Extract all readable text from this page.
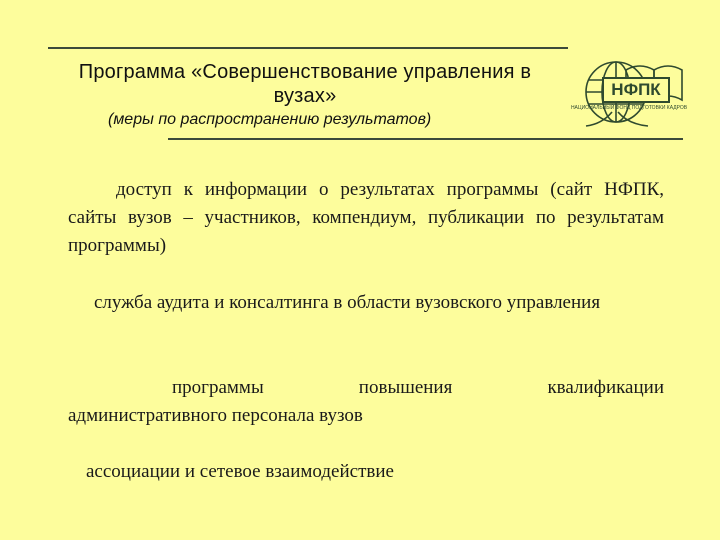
Программа «Совершенствование управления в вузах»
(меры по распространению результатов)
НФПК
НАЦИОНАЛЬНЫЙ ФОНД ПОДГОТОВКИ КАДРОВ
доступ к информации о результатах программы (сайт НФПК, сайты вузов – участников, компендиум, публикации по результатам программы)
служба аудита и консалтинга в области вузовского управления
программы повышения квалификации
административного персонала вузов
ассоциации и сетевое взаимодействие
